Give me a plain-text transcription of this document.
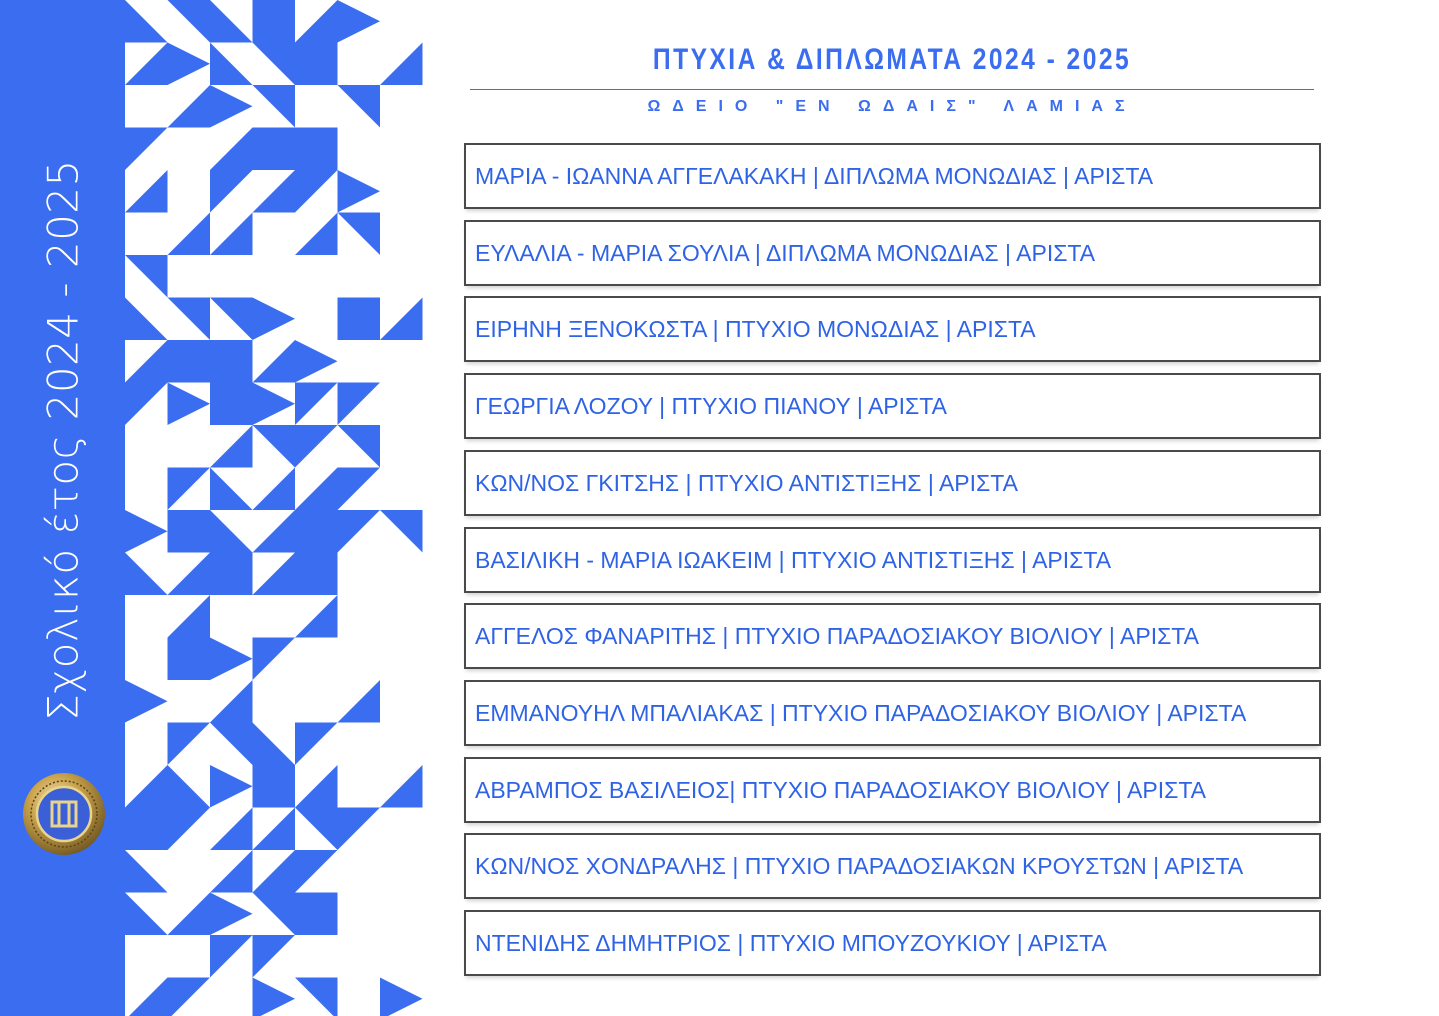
Σχολικό έτος 2024 - 2025
ΠΤΥΧΙΑ & ΔΙΠΛΩΜΑΤΑ 2024 - 2025
ΩΔΕΙΟ "ΕΝ ΩΔΑΙΣ" ΛΑΜΙΑΣ
ΜΑΡΙΑ - ΙΩΑΝΝΑ ΑΓΓΕΛΑΚΑΚΗ | ΔΙΠΛΩΜΑ ΜΟΝΩΔΙΑΣ | ΑΡΙΣΤΑ
ΕΥΛΑΛΙΑ - ΜΑΡΙΑ ΣΟΥΛΙΑ | ΔΙΠΛΩΜΑ ΜΟΝΩΔΙΑΣ | ΑΡΙΣΤΑ
ΕΙΡΗΝΗ ΞΕΝΟΚΩΣΤΑ | ΠΤΥΧΙΟ ΜΟΝΩΔΙΑΣ | ΑΡΙΣΤΑ
ΓΕΩΡΓΙΑ ΛΟΖΟΥ | ΠΤΥΧΙΟ ΠΙΑΝΟΥ | ΑΡΙΣΤΑ
ΚΩΝ/ΝΟΣ ΓΚΙΤΣΗΣ | ΠΤΥΧΙΟ ΑΝΤΙΣΤΙΞΗΣ | ΑΡΙΣΤΑ
ΒΑΣΙΛΙΚΗ - ΜΑΡΙΑ ΙΩΑΚΕΙΜ | ΠΤΥΧΙΟ ΑΝΤΙΣΤΙΞΗΣ | ΑΡΙΣΤΑ
ΑΓΓΕΛΟΣ ΦΑΝΑΡΙΤΗΣ | ΠΤΥΧΙΟ ΠΑΡΑΔΟΣΙΑΚΟΥ ΒΙΟΛΙΟΥ | ΑΡΙΣΤΑ
ΕΜΜΑΝΟΥΗΛ ΜΠΑΛΙΑΚΑΣ | ΠΤΥΧΙΟ ΠΑΡΑΔΟΣΙΑΚΟΥ ΒΙΟΛΙΟΥ | ΑΡΙΣΤΑ
ΑΒΡΑΜΠΟΣ ΒΑΣΙΛΕΙΟΣ| ΠΤΥΧΙΟ ΠΑΡΑΔΟΣΙΑΚΟΥ ΒΙΟΛΙΟΥ | ΑΡΙΣΤΑ
ΚΩΝ/ΝΟΣ ΧΟΝΔΡΑΛΗΣ | ΠΤΥΧΙΟ ΠΑΡΑΔΟΣΙΑΚΩΝ ΚΡΟΥΣΤΩΝ | ΑΡΙΣΤΑ
ΝΤΕΝΙΔΗΣ ΔΗΜΗΤΡΙΟΣ | ΠΤΥΧΙΟ ΜΠΟΥΖΟΥΚΙΟΥ | ΑΡΙΣΤΑ
